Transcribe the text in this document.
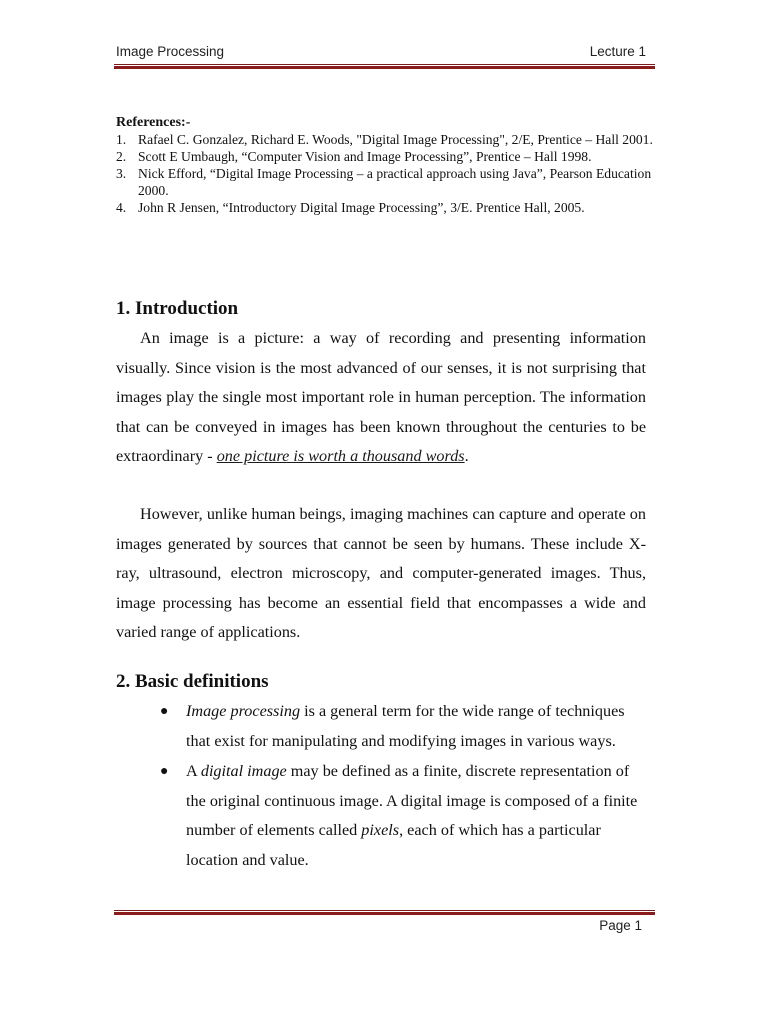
Image Processing	Lecture 1
References:-
1. Rafael C. Gonzalez, Richard E. Woods, "Digital Image Processing", 2/E, Prentice – Hall 2001.
2. Scott E Umbaugh, “Computer Vision and Image Processing”, Prentice – Hall 1998.
3. Nick Efford, “Digital Image Processing – a practical approach using Java”, Pearson Education 2000.
4. John R Jensen, “Introductory Digital Image Processing”, 3/E. Prentice Hall, 2005.
1. Introduction
An image is a picture: a way of recording and presenting information visually. Since vision is the most advanced of our senses, it is not surprising that images play the single most important role in human perception. The information that can be conveyed in images has been known throughout the centuries to be extraordinary - one picture is worth a thousand words.
However, unlike human beings, imaging machines can capture and operate on images generated by sources that cannot be seen by humans. These include X-ray, ultrasound, electron microscopy, and computer-generated images. Thus, image processing has become an essential field that encompasses a wide and varied range of applications.
2. Basic definitions
●	Image processing is a general term for the wide range of techniques that exist for manipulating and modifying images in various ways.
●	A digital image may be defined as a finite, discrete representation of the original continuous image. A digital image is composed of a finite number of elements called pixels, each of which has a particular location and value.
Page 1
